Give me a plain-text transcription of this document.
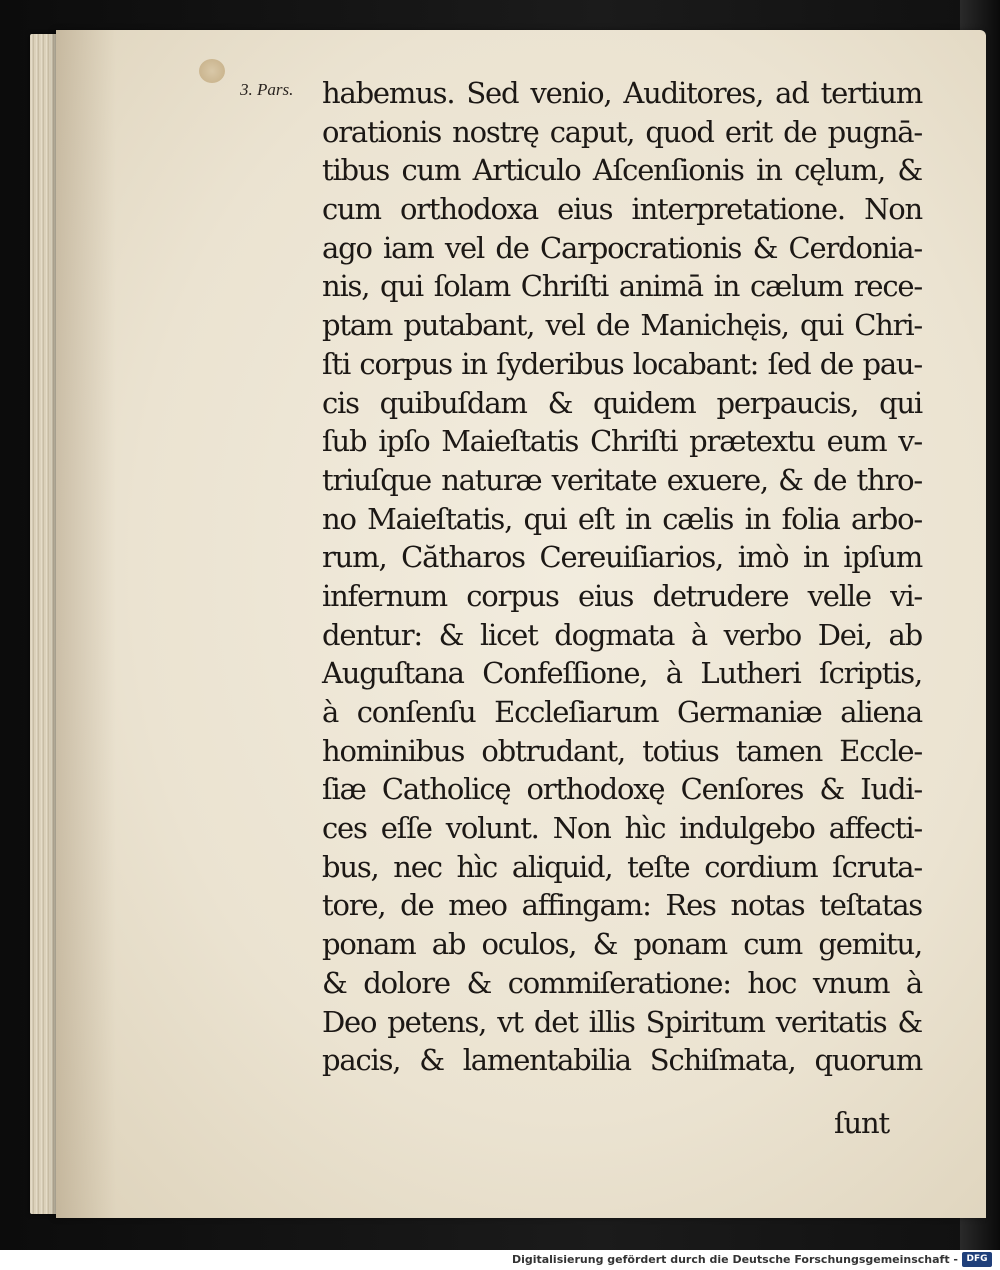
3. Pars. habemus. Sed venio, Auditores, ad tertium
orationis nostrę caput, quod erit de pugnā-
tibus cum Articulo Aſcenſionis in cęlum, &
cum orthodoxa eius interpretatione. Non
ago iam vel de Carpocrationis & Cerdonia-
nis, qui ſolam Chriſti animā in cælum rece-
ptam putabant, vel de Manichęis, qui Chri-
ſti corpus in ſyderibus locabant: ſed de pau-
cis quibuſdam & quidem perpaucis, qui
ſub ipſo Maieſtatis Chriſti prætextu eum v-
triuſque naturæ veritate exuere, & de thro-
no Maieſtatis, qui eſt in cælis in folia arbo-
rum, Cătharos Cereuiſiarios, imò in ipſum
infernum corpus eius detrudere velle vi-
dentur: & licet dogmata à verbo Dei, ab
Auguſtana Confeſſione, à Lutheri ſcriptis,
à conſenſu Eccleſiarum Germaniæ aliena
hominibus obtrudant, totius tamen Eccle-
ſiæ Catholicę orthodoxę Cenſores & Iudi-
ces eſſe volunt. Non hìc indulgebo affecti-
bus, nec hìc aliquid, teſte cordium ſcruta-
tore, de meo affingam: Res notas teſtatas
ponam ab oculos, & ponam cum gemitu,
& dolore & commiſeratione: hoc vnum à
Deo petens, vt det illis Spiritum veritatis &
pacis, & lamentabilia Schiſmata, quorum
ſunt
Digitalisierung gefördert durch die Deutsche Forschungsgemeinschaft - DFG
